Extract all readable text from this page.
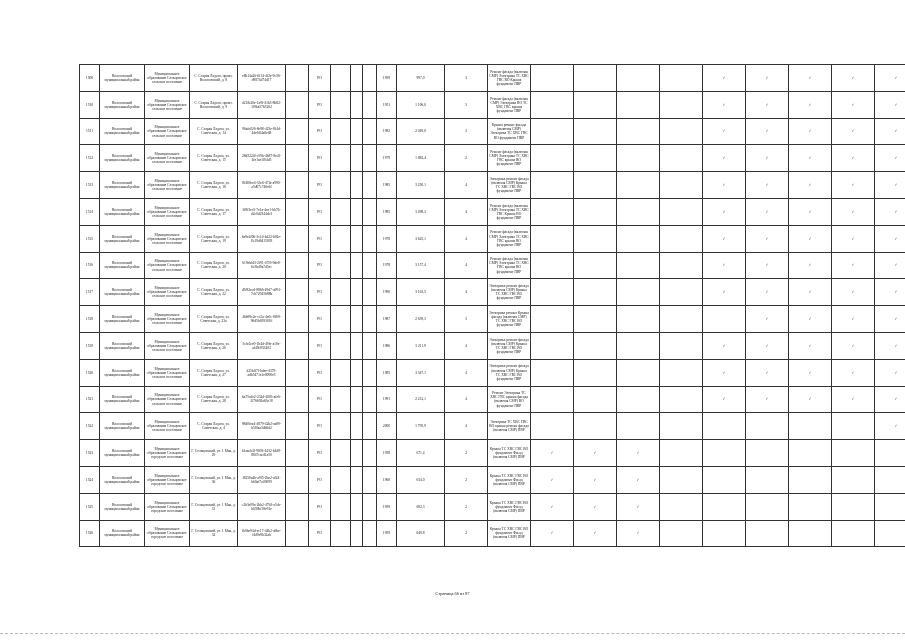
1508	Волосовский муниципальный район	Муниципальное образование Сельцовское сельское поселение	С. Старая Ладога, промз. Волосовский, д. 8	e8b14a26-6f14-4f2e-9c56-d9874d74d17		РО				1959	997,0	3	Ремонт фасада (включая СМР) Электрика ТС ХВС ГВС ВО Крыша фундамент ПВР					✓	✓	✓	✓	✓
1510	Волосовский муниципальный район	Муниципальное образование Сельцовское сельское поселение	С. Старая Ладога, промз. Волосовский, д. 9	d21fb20e-1a9f-41b3-8b82-1f9ba57b5262		РО				1951	1 106,0	3	Ремонт фасада (включая СМР) Электрика ВО ТС ХВС ГВС крыша фундамент ПВР					✓	✓	✓	✓	✓
1511	Волосовский муниципальный район	Муниципальное образование Сельцовское сельское поселение	С. Старая Ладога, ул. Советская, д. 14	96afe026-8e98-423e-8f4d-4de6ff4a0e48		РО				1982	2 049,0	3	Крыша ремонт фасада (включая СМР) Электрика ТС ХВС ГВС ВО фундамент ПВР					✓	✓	✓	✓	✓
1512	Волосовский муниципальный район	Муниципальное образование Сельцовское сельское поселение	С. Старая Ладога, ул. Советская, д. 15	28d5224f-c95b-4b87-8e4f-4fe1ae1f04d5		РО				1979	1 882,4	2	Ремонт фасада (включая СМР) Электрика ТС ХВС ГВС крыша ВО фундамент ПВР					✓	✓	✓	✓	✓
1513	Волосовский муниципальный район	Муниципальное образование Сельцовское сельское поселение	С. Старая Ладога, ул. Советская, д. 16	8f480ce4-33c6-47fa-a990-a5d07c740e6f		РО				1985	3 250,1	4	Электрика ремонт фасада (включая СМР) Крыша ТС ХВС ГВС ВО фундамент ПВР					✓	✓	✓	✓	✓
1514	Волосовский муниципальный район	Муниципальное образование Сельцовское сельское поселение	С. Старая Ладога, ул. Советская, д. 17	3f8f3ec5-7e1a-4ee1-bb76-d2c0d2344dc3		РО				1985	3 498,3	4	Ремонт фасада (включая СМР) Электрика ТС ХВС ГВС Крыша ВО фундамент ПВР					✓	✓	✓	✓	✓
1515	Волосовский муниципальный район	Муниципальное образование Сельцовское сельское поселение	С. Старая Ладога, ул. Советская, д. 19	6a9e2f06-3c1d-4d22-b92e-1b19d6415003		РО				1978	3 625,1	4	Ремонт фасада (включая СМР) Электрика ТС ХВС ГВС крыша ВО фундамент ПВР					✓	✓	✓	✓	✓
1516	Волосовский муниципальный район	Муниципальное образование Сельцовское сельское поселение	С. Старая Ладога, ул. Советская, д. 20	619ebfd3-2f91-47f0-9de8-6c5bd9a7d5ec		РО				1978	3 157,4	4	Ремонт фасада (включая СМР) Электрика ТС ХВС ГВС крыша ВО фундамент ПВР					✓	✓	✓	✓	✓
1517	Волосовский муниципальный район	Муниципальное образование Сельцовское сельское поселение	С. Старая Ладога, ул. Советская, д. 22	d5f82ecd-8866-49d7-a991-7cb72945688b		РО				1990	3 163,5	4	Электрика ремонт фасада (включая СМР) Крыша ТС ХВС ГВС ВО фундамент ПВР					✓	✓	✓	✓	✓
1518	Волосовский муниципальный район	Муниципальное образование Сельцовское сельское поселение	С. Старая Ладога, ул. Советская, д. 23а	4bb99c2e-cc5a-4e0c-8f69-96d5b6593016		РО				1987	2 659,3	3	Электрика ремонт Крыша фасада (включая СМР) ТС ХВС ГВС ВО фундамент ПВР						✓	✓	✓	✓
1519	Волосовский муниципальный район	Муниципальное образование Сельцовское сельское поселение	С. Старая Ладога, ул. Советская, д. 26	5cfe2ce0-1b4d-49fe-a16e-af49c833403		РО				1986	3 211,9	4	Электрика ремонт фасада (включая СМР) Крыша ТС ХВС ГВС ВО фундамент ПВР					✓	✓	✓	✓	✓
1520	Волосовский муниципальный район	Муниципальное образование Сельцовское сельское поселение	С. Старая Ладога, ул. Советская, д. 27	d25bff7f-bdee-4379-adb5471e1e0090e3		РО				1985	3 347,1	4	Электрика ремонт фасада (включая СМР) Крыша ТС ХВС ГВС ВО фундамент ПВР					✓	✓	✓	✓	✓
1521	Волосовский муниципальный район	Муниципальное образование Сельцовское сельское поселение	С. Старая Ладога, ул. Советская, д. 28	6a75cde2-232d-4003-afe6-2f76692a63e18		РО				1991	2 212,1	4	Ремонт Электрика ТС ХВС ГВС крыша фасада (включая СМР) ВО фундамент ПВР					✓	✓	✓	✓	✓
1522	Волосовский муниципальный район	Муниципальное образование Сельцовское сельское поселение	С. Старая Ладога, ул. Советская, д. 4	98d0fea4-4879-42b2-aa89-b5f0aa3db6d2		РО				2000	1 795,9	4	Электрика ТС ХВС ГВС ВО крыша ремонт фасада (включая СМР) ПВР									✓
1523	Волосовский муниципальный район	Муниципальное образование Сельцовское городское поселение	Г. Сельцовский, ул. 1 Мая, д. 29	b1aacb4f-9003-4432-b4d9-8847cacd1a50		РО				1958	671,4	2	Крыша ТС ХВС ГВС ВО фундамент Фасад (включая СМР) ПВР	✓	✓	✓						
1524	Волосовский муниципальный район	Муниципальное образование Сельцовское городское поселение	Г. Сельцовский, ул. 1 Мая, д. 30	f8250a4b-a9f5-4be2-a3f4-b60af7e49099		РО				1960	634,0	2	Крыша ТС ХВС ГВС ВО фундамент Фасад (включая СМР) ПВР	✓	✓	✓						
1525	Волосовский муниципальный район	Муниципальное образование Сельцовское городское поселение	Г. Сельцовский, ул. 1 Мая, д. 31	c2b3e09a-2bb2-47b5-a5cb-b659bf18e91e		РО				1959	692,3	2	Крыша ТС ХВС ГВС ВО фундамент Фасад (включая СМР) ПВР	✓	✓	✓						
1526	Волосовский муниципальный район	Муниципальное образование Сельцовское городское поселение	Г. Сельцовский, ул. 1 Мая, д. 32	fb0be94d-ec17-44b2-a6be-f4d9e9b32ab		РО				1959	649,8	2	Крыша ТС ХВС ГВС ВО фундамент Фасад (включая СМР) ПВР	✓	✓	✓						
Страница 66 из 87
